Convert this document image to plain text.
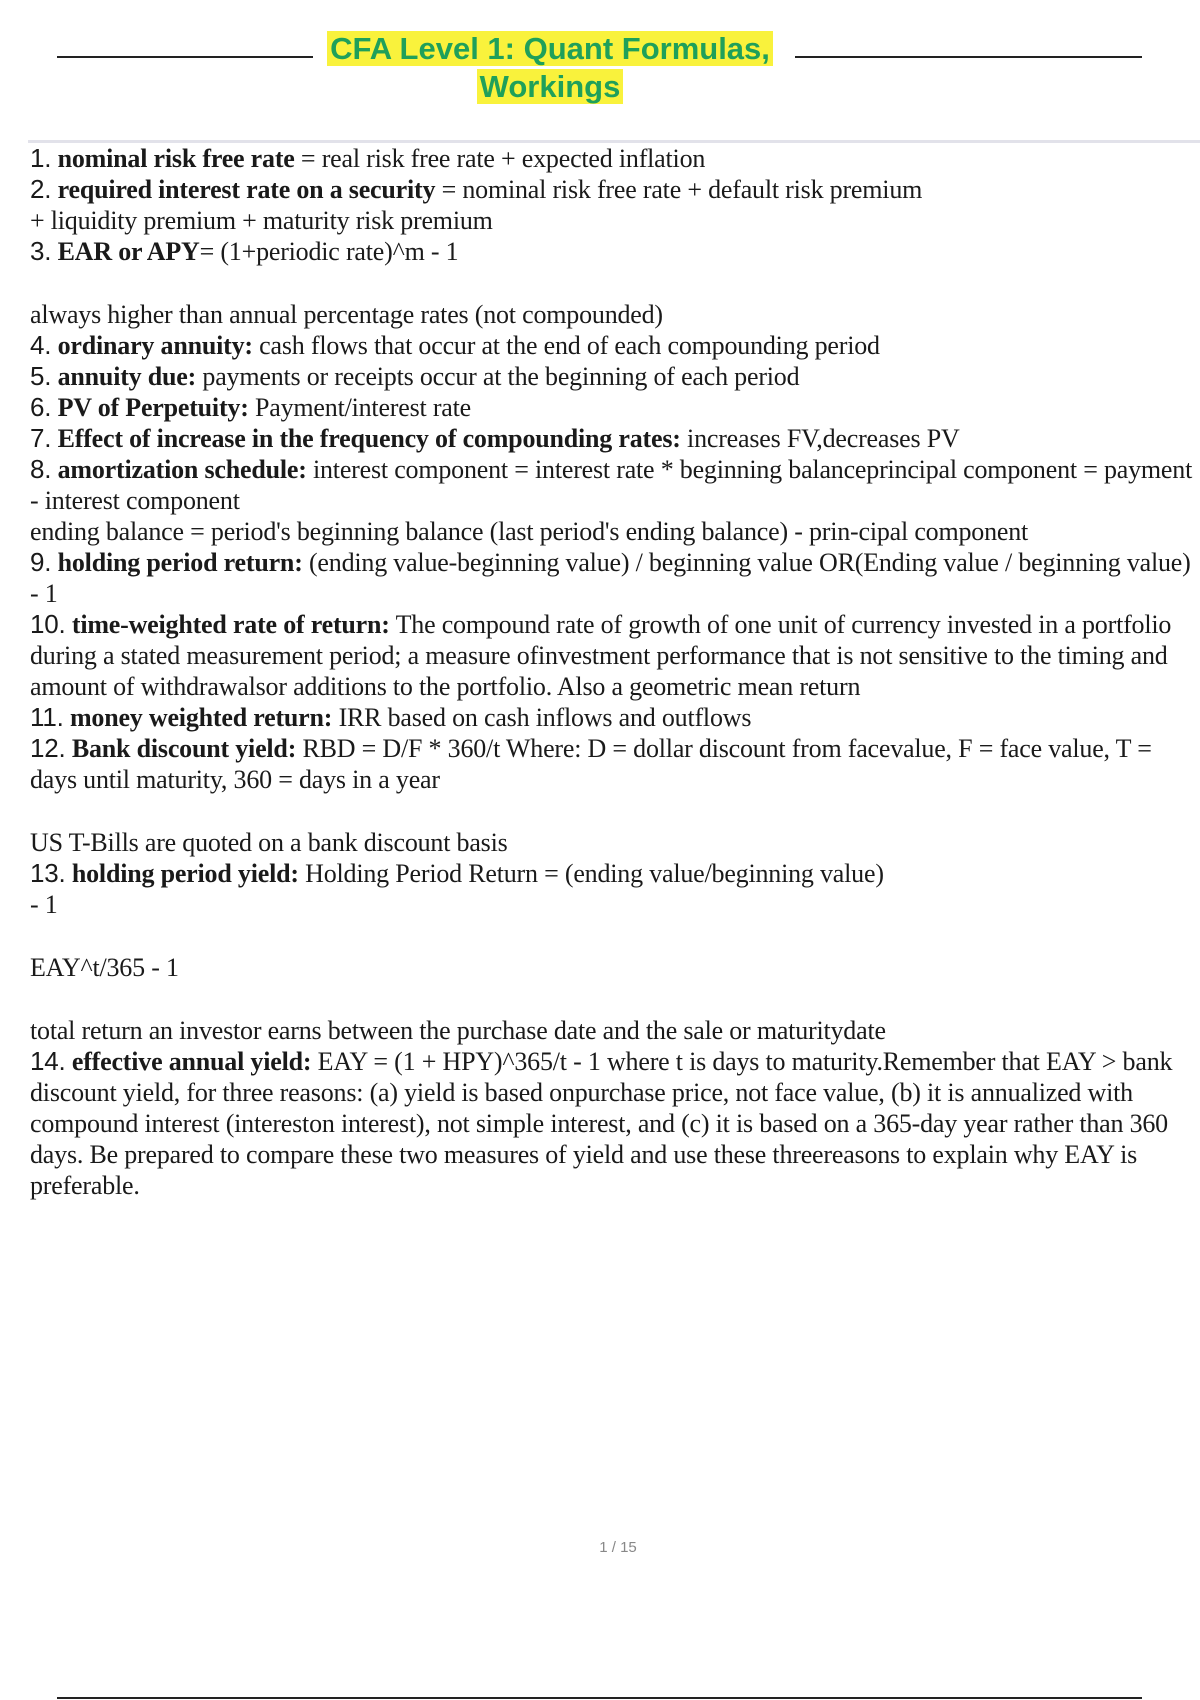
CFA Level 1: Quant Formulas,
Workings

1. nominal risk free rate = real risk free rate + expected inflation

2. required interest rate on a security = nominal risk free rate + default risk premium

+ liquidity premium + maturity risk premium

3. EAR or APY= (1+periodic rate)^m - 1

always higher than annual percentage rates (not compounded)

4. ordinary annuity: cash flows that occur at the end of each compounding period

5. annuity due: payments or receipts occur at the beginning of each period

6. PV of Perpetuity: Payment/interest rate

7. Effect of increase in the frequency of compounding rates: increases FV,decreases PV

8. amortization schedule: interest component = interest rate * beginning balanceprincipal component = payment - interest component

ending balance = period's beginning balance (last period's ending balance) - prin-cipal component

9. holding period return: (ending value-beginning value) / beginning value OR(Ending value / beginning value) - 1

10. time-weighted rate of return: The compound rate of growth of one unit of currency invested in a portfolio during a stated measurement period; a measure ofinvestment performance that is not sensitive to the timing and amount of withdrawalsor additions to the portfolio. Also a geometric mean return

11. money weighted return: IRR based on cash inflows and outflows

12. Bank discount yield: RBD = D/F * 360/t Where: D = dollar discount from facevalue, F = face value, T = days until maturity, 360 = days in a year

US T-Bills are quoted on a bank discount basis

13. holding period yield: Holding Period Return = (ending value/beginning value)

- 1

EAY^t/365 - 1

total return an investor earns between the purchase date and the sale or maturitydate

14. effective annual yield: EAY = (1 + HPY)^365/t - 1 where t is days to maturity.Remember that EAY > bank discount yield, for three reasons: (a) yield is based onpurchase price, not face value, (b) it is annualized with compound interest (intereston interest), not simple interest, and (c) it is based on a 365-day year rather than 360 days. Be prepared to compare these two measures of yield and use these threereasons to explain why EAY is preferable.

1 / 15
